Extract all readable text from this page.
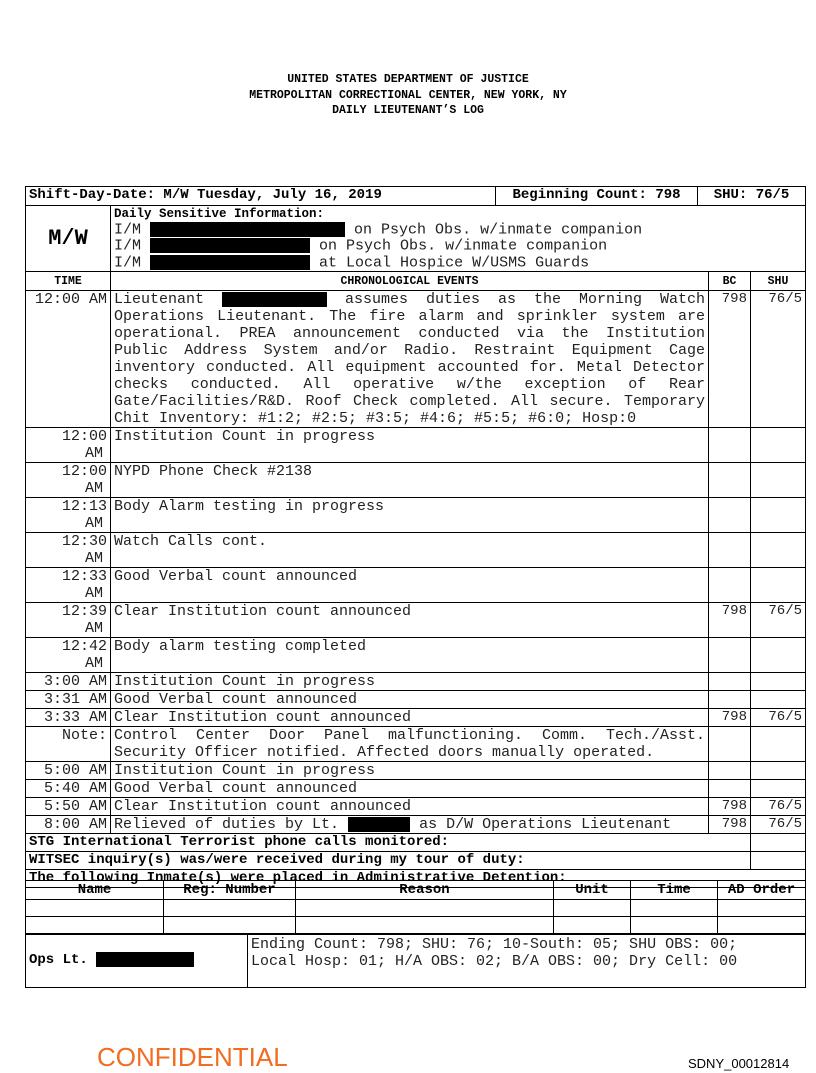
UNITED STATES DEPARTMENT OF JUSTICE
METROPOLITAN CORRECTIONAL CENTER, NEW YORK, NY
DAILY LIEUTENANT’S LOG
Shift-Day-Date: M/W Tuesday, July 16, 2019		Beginning Count: 798	SHU: 76/5
M/W	Daily Sensitive Information:
I/M on Psych Obs. w/inmate companion
I/M on Psych Obs. w/inmate companion
I/M at Local Hospice W/USMS Guards		
TIME	CHRONOLOGICAL EVENTS	BC	SHU

12:00 AM	Lieutenant assumes duties as the Morning Watch Operations Lieutenant. The fire alarm and sprinkler system are operational. PREA announcement conducted via the Institution Public Address System and/or Radio. Restraint Equipment Cage inventory conducted. All equipment accounted for. Metal Detector checks conducted. All operative w/the exception of Rear Gate/Facilities/R&D. Roof Check completed. All secure. Temporary Chit Inventory: #1:2; #2:5; #3:5; #4:6; #5:5; #6:0; Hosp:0	798	76/5

12:00
AM	Institution Count in progress		

12:00
AM	NYPD Phone Check #2138		

12:13
AM	Body Alarm testing in progress		

12:30
AM	Watch Calls cont.		

12:33
AM	Good Verbal count announced		

12:39
AM	Clear Institution count announced	798	76/5

12:42
AM	Body alarm testing completed		

3:00 AM	Institution Count in progress		

3:31 AM	Good Verbal count announced		

3:33 AM	Clear Institution count announced	798	76/5

Note:	Control Center Door Panel malfunctioning. Comm. Tech./Asst. Security Officer notified. Affected doors manually operated.		

5:00 AM	Institution Count in progress		

5:40 AM	Good Verbal count announced		

5:50 AM	Clear Institution count announced	798	76/5

8:00 AM	Relieved of duties by Lt. as D/W Operations Lieutenant	798	76/5
STG International Terrorist phone calls monitored:			
WITSEC inquiry(s) was/were received during my tour of duty:			
The following Inmate(s) were placed in Administrative Detention:			
Name	Reg: Number	Reason	Unit	Time	AD Order

Ops Lt.	
Ending Count: 798; SHU: 76; 10-South: 05; SHU OBS: 00;
Local Hosp: 01; H/A OBS: 02; B/A OBS: 00; Dry Cell: 00
CONFIDENTIAL	SDNY_00012814
